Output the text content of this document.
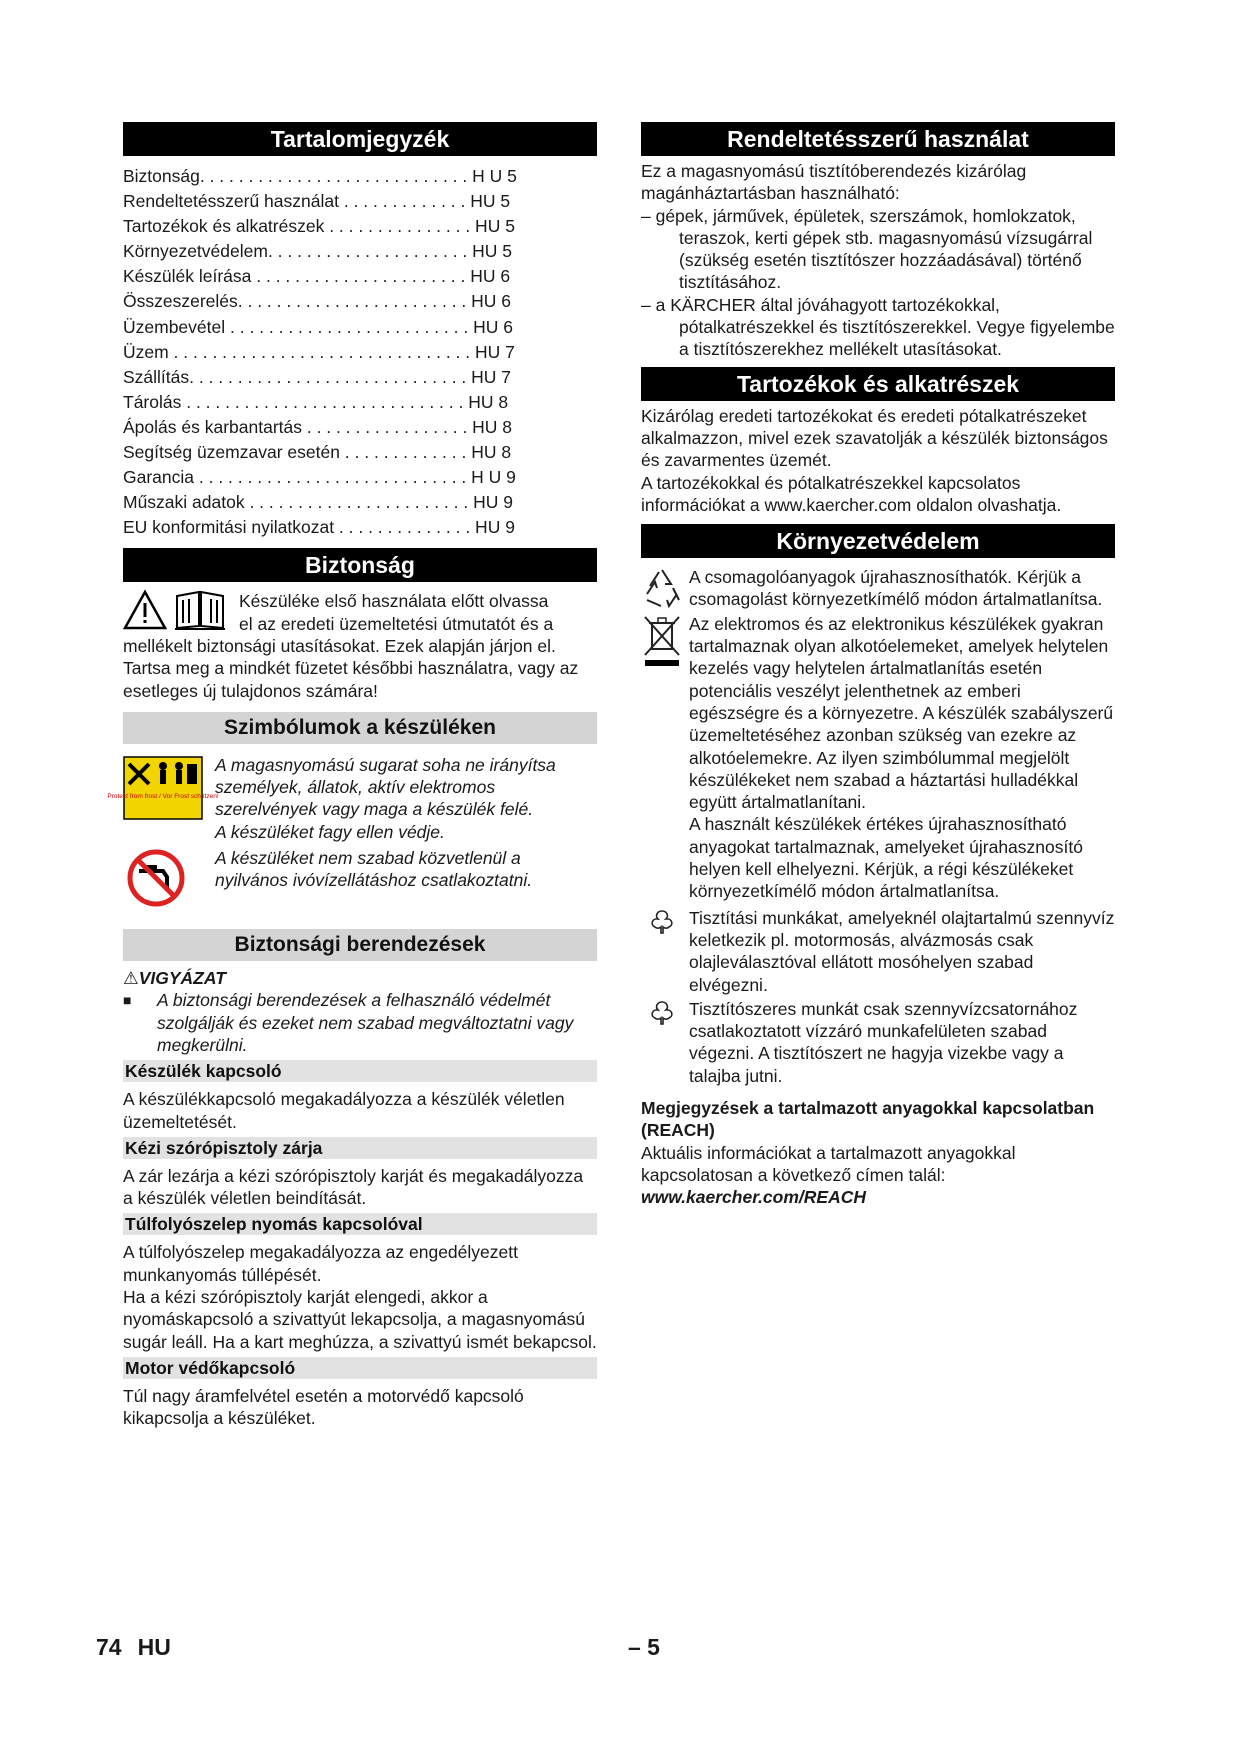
Tartalomjegyzék
Biztonság. . . . . . . . . . . . . . . . . . . . . . . . . . . . H U 5
Rendeltetésszerű használat . . . . . . . . . . . . . HU 5
Tartozékok és alkatrészek . . . . . . . . . . . . . . . HU 5
Környezetvédelem. . . . . . . . . . . . . . . . . . . . . HU 5
Készülék leírása . . . . . . . . . . . . . . . . . . . . . . HU 6
Összeszerelés. . . . . . . . . . . . . . . . . . . . . . . . HU 6
Üzembevétel . . . . . . . . . . . . . . . . . . . . . . . . . HU 6
Üzem . . . . . . . . . . . . . . . . . . . . . . . . . . . . . . . HU 7
Szállítás. . . . . . . . . . . . . . . . . . . . . . . . . . . . . HU 7
Tárolás . . . . . . . . . . . . . . . . . . . . . . . . . . . . . HU 8
Ápolás és karbantartás . . . . . . . . . . . . . . . . . HU 8
Segítség üzemzavar esetén . . . . . . . . . . . . . HU 8
Garancia . . . . . . . . . . . . . . . . . . . . . . . . . . . . H U 9
Műszaki adatok . . . . . . . . . . . . . . . . . . . . . . . HU 9
EU konformitási nyilatkozat . . . . . . . . . . . . . . HU 9
Biztonság

Készüléke első használata előtt olvassa

el az eredeti üzemeltetési útmutatót és a

mellékelt biztonsági utasításokat. Ezek alapján járjon el. Tartsa meg a mindkét füzetet későbbi használatra, vagy az esetleges új tulajdonos számára!

Szimbólumok a készüléken
Protect from frost / Vor Frost schützen!

A magasnyomású sugarat soha ne irányítsa személyek, állatok, aktív elektromos szerelvények vagy maga a készülék felé.

A készüléket fagy ellen védje.

A készüléket nem szabad közvetlenül a nyilvános ivóvízellátáshoz csatlakoztatni.

Biztonsági berendezések

⚠VIGYÁZAT

■	A biztonsági berendezések a felhasználó védelmét szolgálják és ezeket nem szabad megváltoztatni vagy megkerülni.

Készülék kapcsoló

A készülékkapcsoló megakadályozza a készülék véletlen üzemeltetését.

Kézi szórópisztoly zárja

A zár lezárja a kézi szórópisztoly karját és megakadályozza a készülék véletlen beindítását.

Túlfolyószelep nyomás kapcsolóval

A túlfolyószelep megakadályozza az engedélyezett munkanyomás túllépését.

Ha a kézi szórópisztoly karját elengedi, akkor a nyomáskapcsoló a szivattyút lekapcsolja, a magasnyomású sugár leáll. Ha a kart meghúzza, a szivattyú ismét bekapcsol.

Motor védőkapcsoló

Túl nagy áramfelvétel esetén a motorvédő kapcsoló kikapcsolja a készüléket.

Rendeltetésszerű használat

Ez a magasnyomású tisztítóberendezés kizárólag magánháztartásban használható:

– gépek, járművek, épületek, szerszámok, homlokzatok, teraszok, kerti gépek stb. magasnyomású vízsugárral (szükség esetén tisztítószer hozzáadásával) történő tisztításához.

– a KÄRCHER által jóváhagyott tartozékokkal, pótalkatrészekkel és tisztítószerekkel. Vegye figyelembe a tisztítószerekhez mellékelt utasításokat.

Tartozékok és alkatrészek

Kizárólag eredeti tartozékokat és eredeti pótalkatrészeket alkalmazzon, mivel ezek szavatolják a készülék biztonságos és zavarmentes üzemét.

A tartozékokkal és pótalkatrészekkel kapcsolatos információkat a www.kaercher.com oldalon olvashatja.

Környezetvédelem

A csomagolóanyagok újrahasznosíthatók. Kérjük a csomagolást környezetkímélő módon ártalmatlanítsa.

Az elektromos és az elektronikus készülékek gyakran tartalmaznak olyan alkotóelemeket, amelyek helytelen kezelés vagy helytelen ártalmatlanítás esetén potenciális veszélyt jelenthetnek az emberi egészségre és a környezetre. A készülék szabályszerű üzemeltetéséhez azonban szükség van ezekre az alkotóelemekre. Az ilyen szimbólummal megjelölt készülékeket nem szabad a háztartási hulladékkal együtt ártalmatlanítani.

A használt készülékek értékes újrahasznosítható anyagokat tartalmaznak, amelyeket újrahasznosító helyen kell elhelyezni. Kérjük, a régi készülékeket környezetkímélő módon ártalmatlanítsa.

Tisztítási munkákat, amelyeknél olajtartalmú szennyvíz keletkezik pl. motormosás, alvázmosás csak olajleválasztóval ellátott mosóhelyen szabad elvégezni.

Tisztítószeres munkát csak szennyvízcsatornához csatlakoztatott vízzáró munkafelületen szabad végezni. A tisztítószert ne hagyja vizekbe vagy a talajba jutni.

Megjegyzések a tartalmazott anyagokkal kapcsolatban (REACH)

Aktuális információkat a tartalmazott anyagokkal kapcsolatosan a következő címen talál:

www.kaercher.com/REACH

74 HU	– 5
